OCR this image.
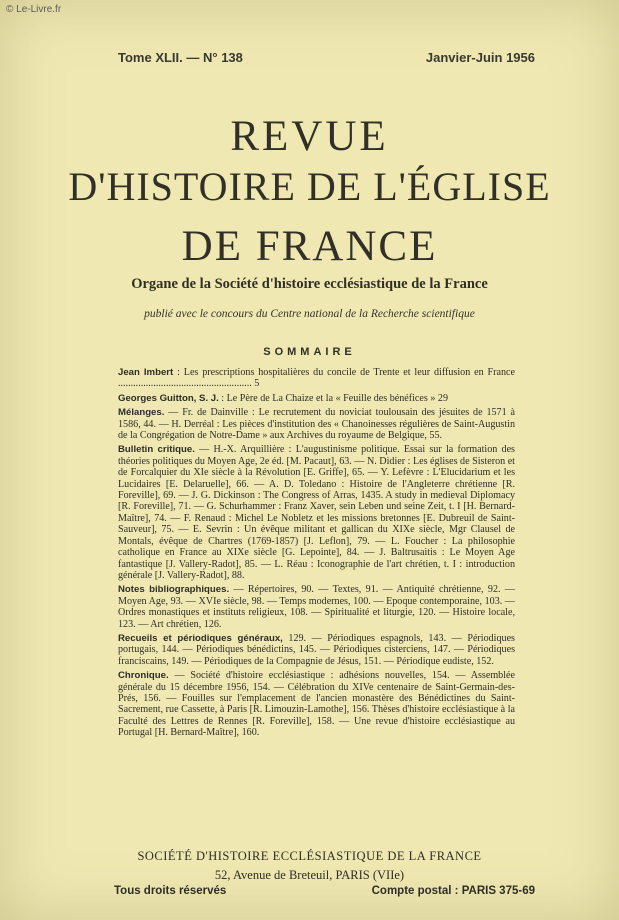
© Le-Livre.fr
Tome XLII. — N° 138	Janvier-Juin 1956
REVUE
D'HISTOIRE DE L'ÉGLISE
DE FRANCE
Organe de la Société d'histoire ecclésiastique de la France
publié avec le concours du Centre national de la Recherche scientifique
SOMMAIRE

Jean Imbert : Les prescriptions hospitalières du concile de Trente et leur diffusion en France ..................................................... 5

Georges Guitton, S. J. : Le Père de La Chaize et la « Feuille des bénéfices » 29

Mélanges. — Fr. de Dainville : Le recrutement du noviciat toulousain des jésuites de 1571 à 1586, 44. — H. Derréal : Les pièces d'institution des « Chanoinesses régulières de Saint-Augustin de la Congrégation de Notre-Dame » aux Archives du royaume de Belgique, 55.

Bulletin critique. — H.-X. Arquillière : L'augustinisme politique. Essai sur la formation des théories politiques du Moyen Age, 2e éd. [M. Pacaut], 63. — N. Didier : Les églises de Sisteron et de Forcalquier du XIe siècle à la Révolution [E. Griffe], 65. — Y. Lefèvre : L'Elucidarium et les Lucidaires [E. Delaruelle], 66. — A. D. Toledano : Histoire de l'Angleterre chrétienne [R. Foreville], 69. — J. G. Dickinson : The Congress of Arras, 1435. A study in medieval Diplomacy [R. Foreville], 71. — G. Schurhammer : Franz Xaver, sein Leben und seine Zeit, t. I [H. Bernard-Maître], 74. — F. Renaud : Michel Le Nobletz et les missions bretonnes [E. Dubreuil de Saint-Sauveur], 75. — E. Sevrin : Un évêque militant et gallican du XIXe siècle, Mgr Clausel de Montals, évêque de Chartres (1769-1857) [J. Leflon], 79. — L. Foucher : La philosophie catholique en France au XIXe siècle [G. Lepointe], 84. — J. Baltrusaitis : Le Moyen Age fantastique [J. Vallery-Radot], 85. — L. Réau : Iconographie de l'art chrétien, t. I : introduction générale [J. Vallery-Radot], 88.

Notes bibliographiques. — Répertoires, 90. — Textes, 91. — Antiquité chrétienne, 92. — Moyen Age, 93. — XVIe siècle, 98. — Temps modernes, 100. — Epoque contemporaine, 103. — Ordres monastiques et instituts religieux, 108. — Spiritualité et liturgie, 120. — Histoire locale, 123. — Art chrétien, 126.

Recueils et périodiques généraux, 129. — Périodiques espagnols, 143. — Périodiques portugais, 144. — Périodiques bénédictins, 145. — Périodiques cisterciens, 147. — Périodiques franciscains, 149. — Périodiques de la Compagnie de Jésus, 151. — Périodique eudiste, 152.

Chronique. — Société d'histoire ecclésiastique : adhésions nouvelles, 154. — Assemblée générale du 15 décembre 1956, 154. — Célébration du XIVe centenaire de Saint-Germain-des-Prés, 156. — Fouilles sur l'emplacement de l'ancien monastère des Bénédictines du Saint-Sacrement, rue Cassette, à Paris [R. Limouzin-Lamothe], 156. Thèses d'histoire ecclésiastique à la Faculté des Lettres de Rennes [R. Foreville], 158. — Une revue d'histoire ecclésiastique au Portugal [H. Bernard-Maître], 160.

SOCIÉTÉ D'HISTOIRE ECCLÉSIASTIQUE DE LA FRANCE
52, Avenue de Breteuil, PARIS (VIIe)
Tous droits réservés	Compte postal : PARIS 375-69
